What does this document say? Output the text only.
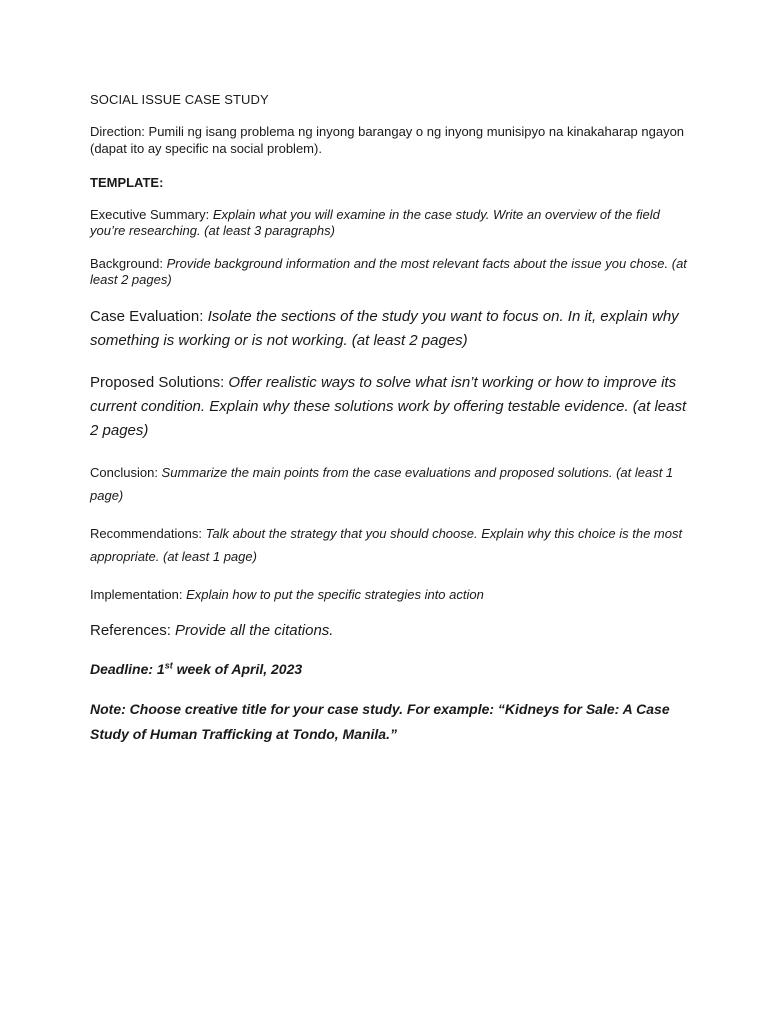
SOCIAL ISSUE CASE STUDY

Direction: Pumili ng isang problema ng inyong barangay o ng inyong munisipyo na kinakaharap ngayon (dapat ito ay specific na social problem).

TEMPLATE:

Executive Summary: Explain what you will examine in the case study. Write an overview of the field you’re researching. (at least 3 paragraphs)

Background: Provide background information and the most relevant facts about the issue you chose. (at least 2 pages)

Case Evaluation: Isolate the sections of the study you want to focus on. In it, explain why something is working or is not working. (at least 2 pages)

Proposed Solutions: Offer realistic ways to solve what isn’t working or how to improve its current condition. Explain why these solutions work by offering testable evidence. (at least 2 pages)

Conclusion: Summarize the main points from the case evaluations and proposed solutions. (at least 1 page)

Recommendations: Talk about the strategy that you should choose. Explain why this choice is the most appropriate. (at least 1 page)

Implementation: Explain how to put the specific strategies into action

References: Provide all the citations.

Deadline: 1st week of April, 2023

Note: Choose creative title for your case study. For example: “Kidneys for Sale: A Case Study of Human Trafficking at Tondo, Manila.”
